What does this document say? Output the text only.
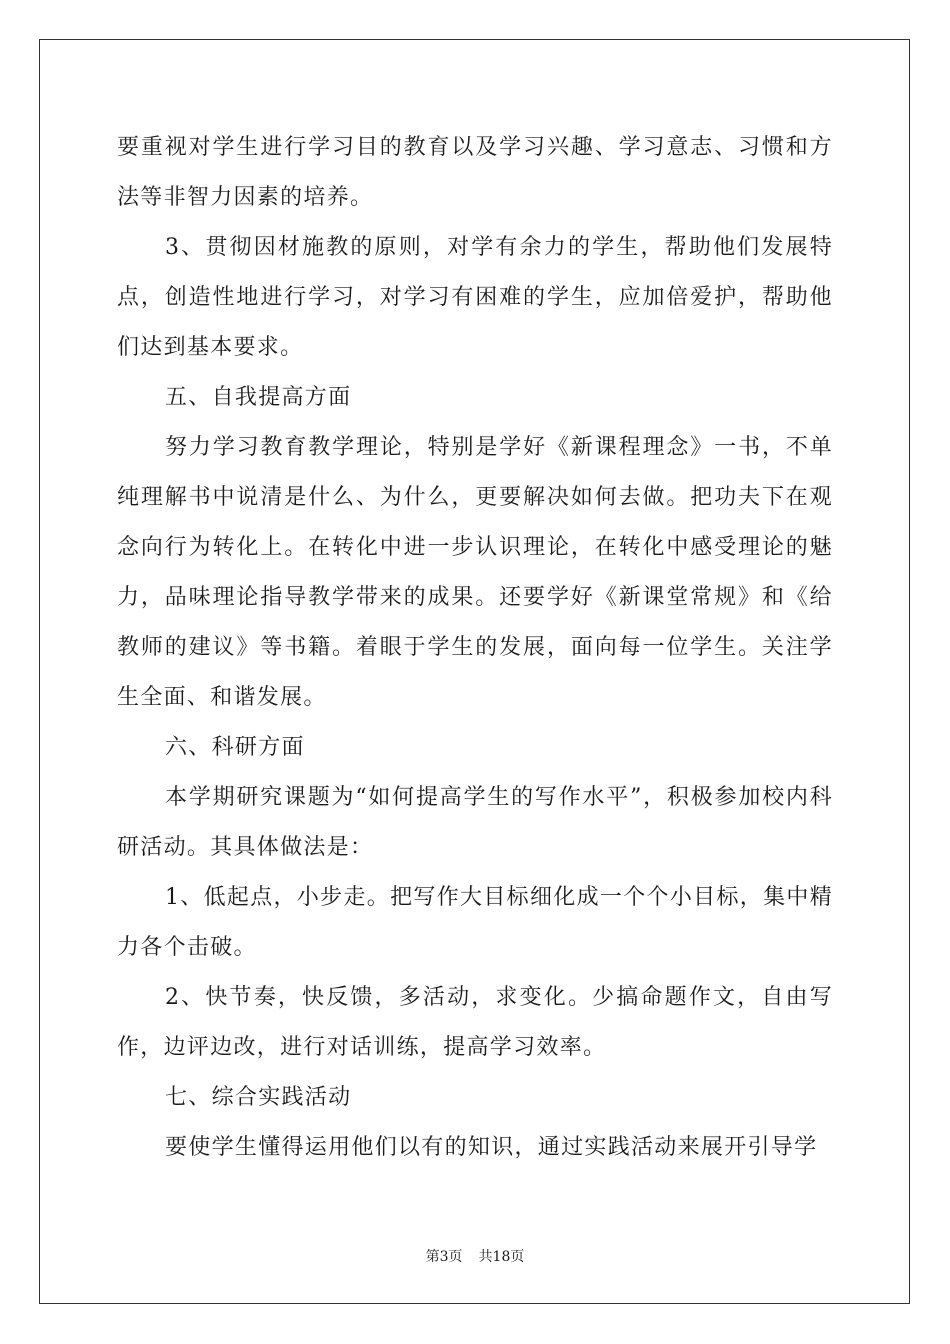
要重视对学生进行学习目的教育以及学习兴趣、学习意志、习惯和方法等非智力因素的培养。

3、贯彻因材施教的原则，对学有余力的学生，帮助他们发展特点，创造性地进行学习，对学习有困难的学生，应加倍爱护，帮助他们达到基本要求。

五、自我提高方面

努力学习教育教学理论，特别是学好《新课程理念》一书，不单纯理解书中说清是什么、为什么，更要解决如何去做。把功夫下在观念向行为转化上。在转化中进一步认识理论，在转化中感受理论的魅力，品味理论指导教学带来的成果。还要学好《新课堂常规》和《给教师的建议》等书籍。着眼于学生的发展，面向每一位学生。关注学生全面、和谐发展。

六、科研方面

本学期研究课题为“如何提高学生的写作水平”，积极参加校内科研活动。其具体做法是：

1、低起点，小步走。把写作大目标细化成一个个小目标，集中精力各个击破。

2、快节奏，快反馈，多活动，求变化。少搞命题作文，自由写作，边评边改，进行对话训练，提高学习效率。

七、综合实践活动

要使学生懂得运用他们以有的知识，通过实践活动来展开引导学

第3页 共18页
